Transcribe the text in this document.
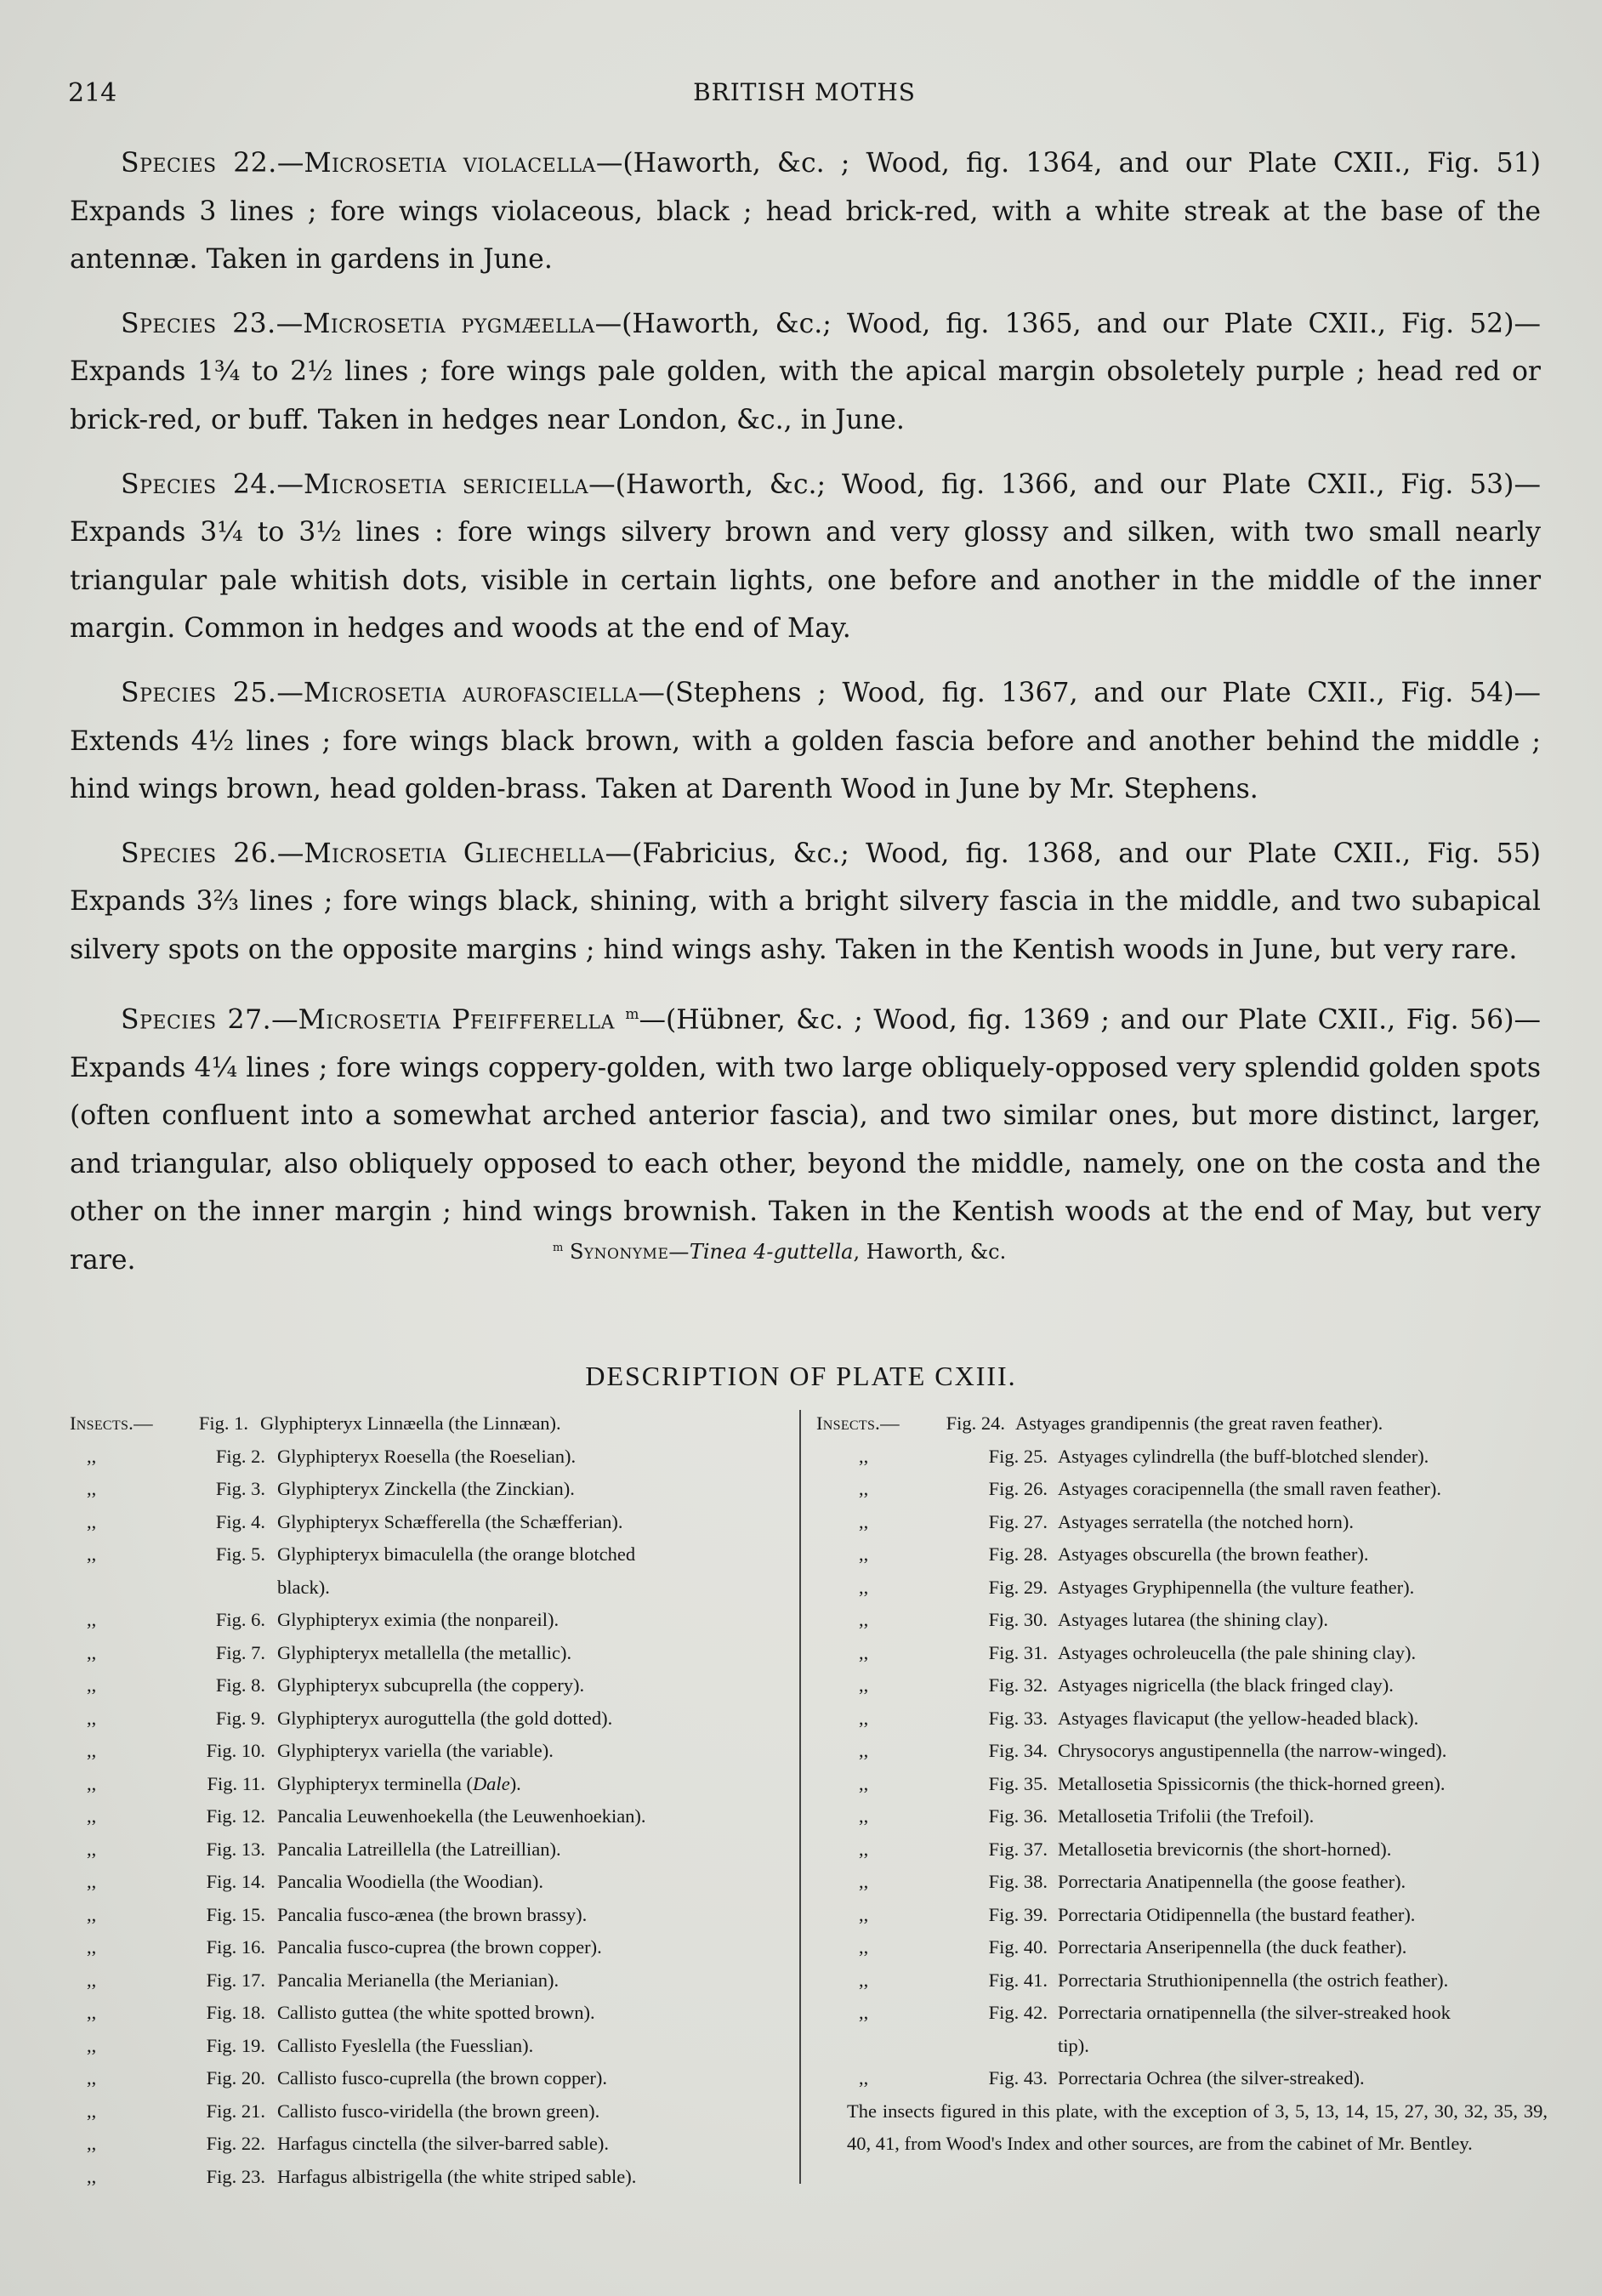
214	BRITISH MOTHS

Species 22.—Microsetia violacella—(Haworth, &c. ; Wood, fig. 1364, and our Plate CXII., Fig. 51) Expands 3 lines ; fore wings violaceous, black ; head brick-red, with a white streak at the base of the antennæ. Taken in gardens in June.

Species 23.—Microsetia pygmæella—(Haworth, &c.; Wood, fig. 1365, and our Plate CXII., Fig. 52)—Expands 1¾ to 2½ lines ; fore wings pale golden, with the apical margin obsoletely purple ; head red or brick-red, or buff. Taken in hedges near London, &c., in June.

Species 24.—Microsetia sericiella—(Haworth, &c.; Wood, fig. 1366, and our Plate CXII., Fig. 53)—Expands 3¼ to 3½ lines : fore wings silvery brown and very glossy and silken, with two small nearly triangular pale whitish dots, visible in certain lights, one before and another in the middle of the inner margin. Common in hedges and woods at the end of May.

Species 25.—Microsetia aurofasciella—(Stephens ; Wood, fig. 1367, and our Plate CXII., Fig. 54)—Extends 4½ lines ; fore wings black brown, with a golden fascia before and another behind the middle ; hind wings brown, head golden-brass. Taken at Darenth Wood in June by Mr. Stephens.

Species 26.—Microsetia Gliechella—(Fabricius, &c.; Wood, fig. 1368, and our Plate CXII., Fig. 55) Expands 3⅔ lines ; fore wings black, shining, with a bright silvery fascia in the middle, and two subapical silvery spots on the opposite margins ; hind wings ashy. Taken in the Kentish woods in June, but very rare.

Species 27.—Microsetia Pfeifferella $^m$—(Hübner, &c. ; Wood, fig. 1369 ; and our Plate CXII., Fig. 56)—Expands 4¼ lines ; fore wings coppery-golden, with two large obliquely-opposed very splendid golden spots (often confluent into a somewhat arched anterior fascia), and two similar ones, but more distinct, larger, and triangular, also obliquely opposed to each other, beyond the middle, namely, one on the costa and the other on the inner margin ; hind wings brownish. Taken in the Kentish woods at the end of May, but very rare.	$^m$ Synonyme—Tinea 4-guttella, Haworth, &c.
DESCRIPTION OF PLATE CXIII.
Insects.—	Fig. 1. Glyphipteryx Linnæella (the Linnæan).
,,	Fig. 2. Glyphipteryx Roesella (the Roeselian).
,,	Fig. 3. Glyphipteryx Zinckella (the Zinckian).
,,	Fig. 4. Glyphipteryx Schæfferella (the Schæfferian).
,,	Fig. 5. Glyphipteryx bimaculella (the orange blotched
black).
,,	Fig. 6. Glyphipteryx eximia (the nonpareil).
,,	Fig. 7. Glyphipteryx metallella (the metallic).
,,	Fig. 8. Glyphipteryx subcuprella (the coppery).
,,	Fig. 9. Glyphipteryx auroguttella (the gold dotted).
,,	Fig. 10. Glyphipteryx variella (the variable).
,,	Fig. 11. Glyphipteryx terminella (Dale).
,,	Fig. 12. Pancalia Leuwenhoekella (the Leuwenhoekian).
,,	Fig. 13. Pancalia Latreillella (the Latreillian).
,,	Fig. 14. Pancalia Woodiella (the Woodian).
,,	Fig. 15. Pancalia fusco-ænea (the brown brassy).
,,	Fig. 16. Pancalia fusco-cuprea (the brown copper).
,,	Fig. 17. Pancalia Merianella (the Merianian).
,,	Fig. 18. Callisto guttea (the white spotted brown).
,,	Fig. 19. Callisto Fyeslella (the Fuesslian).
,,	Fig. 20. Callisto fusco-cuprella (the brown copper).
,,	Fig. 21. Callisto fusco-viridella (the brown green).
,,	Fig. 22. Harfagus cinctella (the silver-barred sable).
,,	Fig. 23. Harfagus albistrigella (the white striped sable).
Insects.—	Fig. 24. Astyages grandipennis (the great raven feather).
,,	Fig. 25. Astyages cylindrella (the buff-blotched slender).
,,	Fig. 26. Astyages coracipennella (the small raven feather).
,,	Fig. 27. Astyages serratella (the notched horn).
,,	Fig. 28. Astyages obscurella (the brown feather).
,,	Fig. 29. Astyages Gryphipennella (the vulture feather).
,,	Fig. 30. Astyages lutarea (the shining clay).
,,	Fig. 31. Astyages ochroleucella (the pale shining clay).
,,	Fig. 32. Astyages nigricella (the black fringed clay).
,,	Fig. 33. Astyages flavicaput (the yellow-headed black).
,,	Fig. 34. Chrysocorys angustipennella (the narrow-winged).
,,	Fig. 35. Metallosetia Spissicornis (the thick-horned green).
,,	Fig. 36. Metallosetia Trifolii (the Trefoil).
,,	Fig. 37. Metallosetia brevicornis (the short-horned).
,,	Fig. 38. Porrectaria Anatipennella (the goose feather).
,,	Fig. 39. Porrectaria Otidipennella (the bustard feather).
,,	Fig. 40. Porrectaria Anseripennella (the duck feather).
,,	Fig. 41. Porrectaria Struthionipennella (the ostrich feather).
,,	Fig. 42. Porrectaria ornatipennella (the silver-streaked hook
tip).
,,	Fig. 43. Porrectaria Ochrea (the silver-streaked).
The insects figured in this plate, with the exception of 3, 5, 13, 14, 15, 27, 30, 32, 35, 39, 40, 41, from Wood's Index and other sources, are from the cabinet of Mr. Bentley.
